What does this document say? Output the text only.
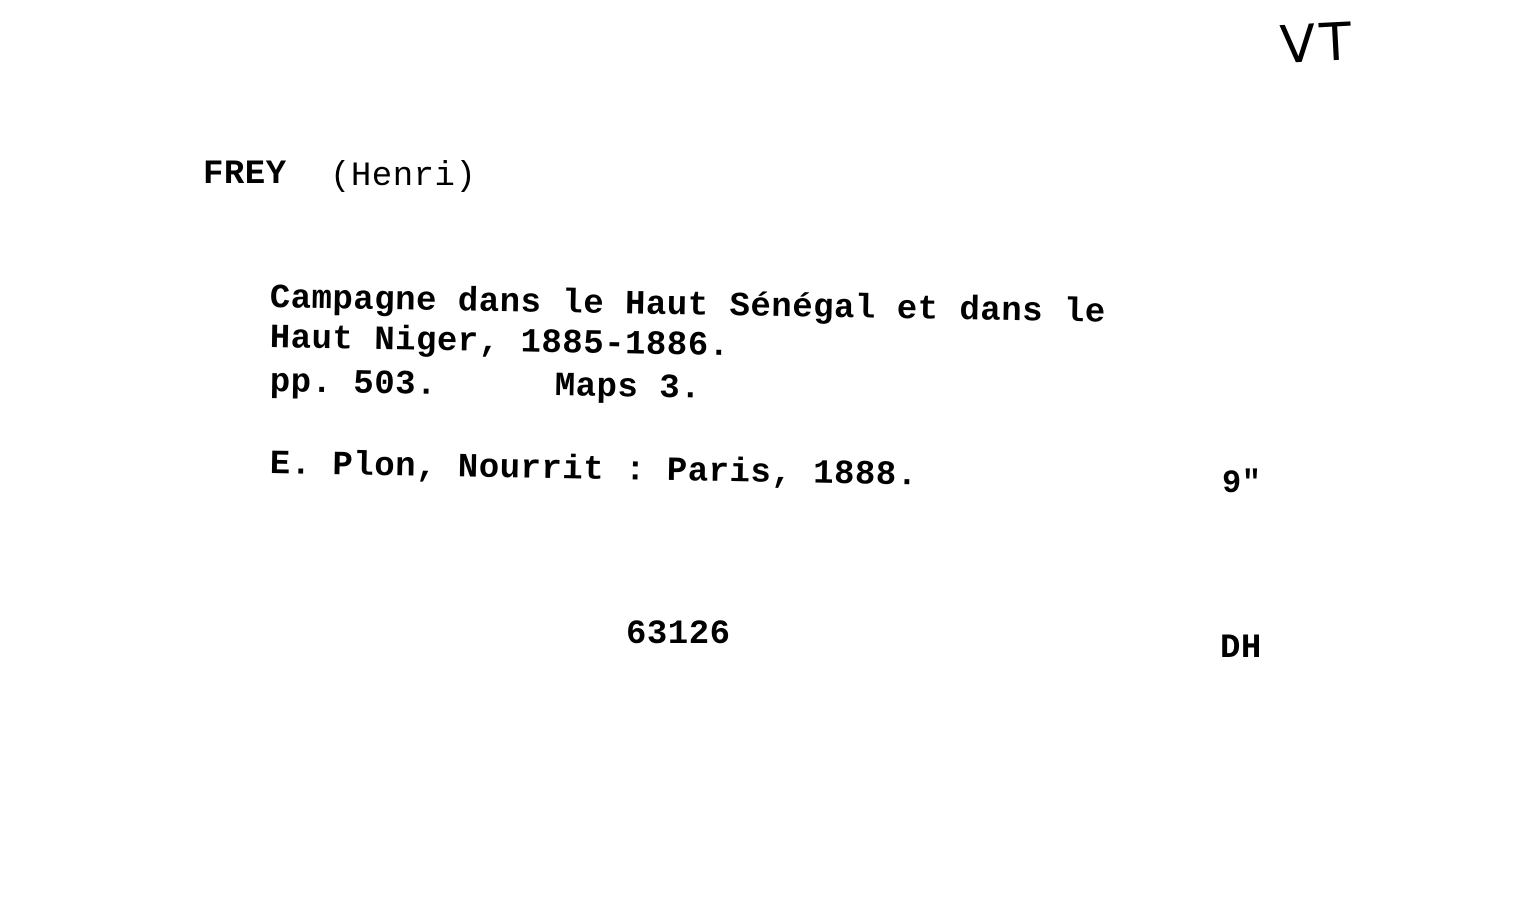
VT
FREY (Henri)
Campagne dans le Haut Sénégal et dans le
Haut Niger, 1885-1886.
pp. 503.	Maps 3.
E. Plon, Nourrit : Paris, 1888.	9"
63126	DH
